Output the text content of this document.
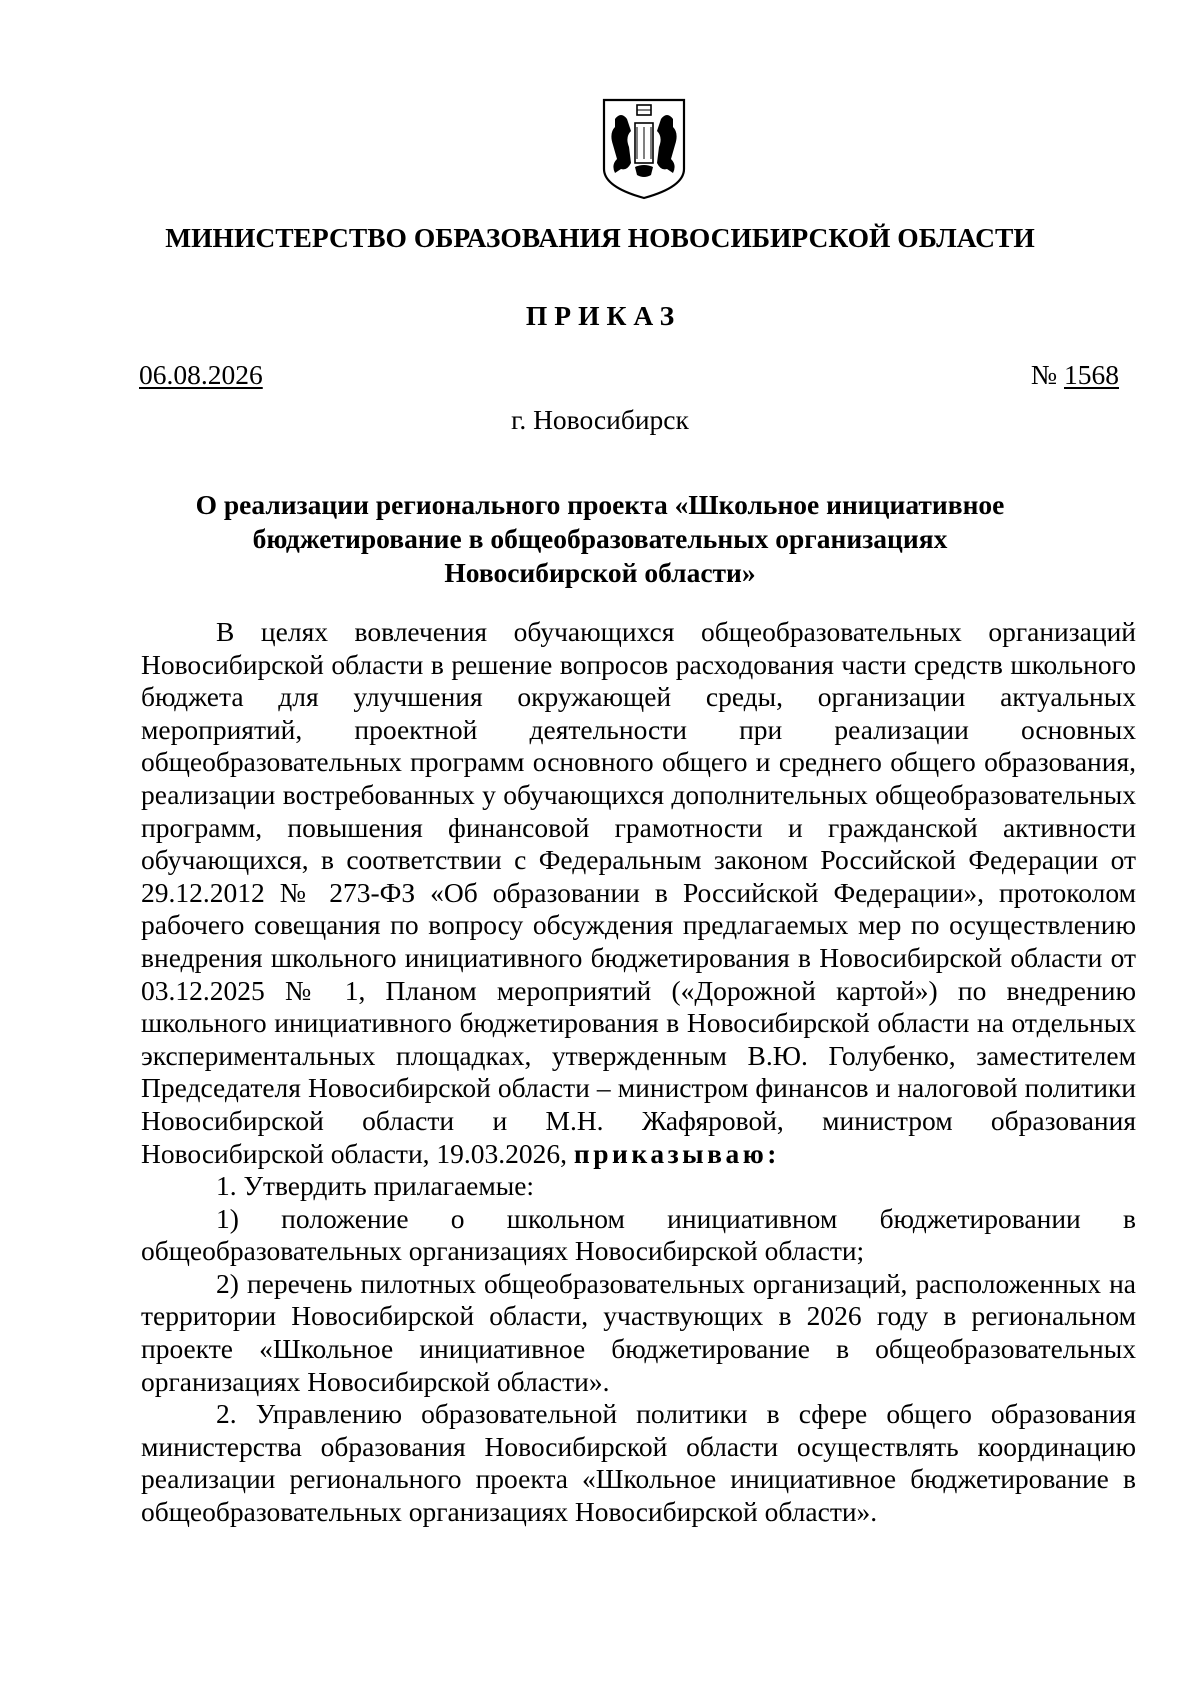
МИНИСТЕРСТВО ОБРАЗОВАНИЯ НОВОСИБИРСКОЙ ОБЛАСТИ
ПРИКАЗ
06.08.2026	№ 1568
г. Новосибирск
О реализации регионального проекта «Школьное инициативное бюджетирование в общеобразовательных организациях Новосибирской области»

В целях вовлечения обучающихся общеобразовательных организаций Новосибирской области в решение вопросов расходования части средств школьного бюджета для улучшения окружающей среды, организации актуальных мероприятий, проектной деятельности при реализации основных общеобразовательных программ основного общего и среднего общего образования, реализации востребованных у обучающихся дополнительных общеобразовательных программ, повышения финансовой грамотности и гражданской активности обучающихся, в соответствии с Федеральным законом Российской Федерации от 29.12.2012 № 273-ФЗ «Об образовании в Российской Федерации», протоколом рабочего совещания по вопросу обсуждения предлагаемых мер по осуществлению внедрения школьного инициативного бюджетирования в Новосибирской области от 03.12.2025 № 1, Планом мероприятий («Дорожной картой») по внедрению школьного инициативного бюджетирования в Новосибирской области на отдельных экспериментальных площадках, утвержденным В.Ю. Голубенко, заместителем Председателя Новосибирской области – министром финансов и налоговой политики Новосибирской области и М.Н. Жафяровой, министром образования Новосибирской области, 19.03.2026, приказываю:

1. Утвердить прилагаемые:

1) положение о школьном инициативном бюджетировании в общеобразовательных организациях Новосибирской области;

2) перечень пилотных общеобразовательных организаций, расположенных на территории Новосибирской области, участвующих в 2026 году в региональном проекте «Школьное инициативное бюджетирование в общеобразовательных организациях Новосибирской области».

2. Управлению образовательной политики в сфере общего образования министерства образования Новосибирской области осуществлять координацию реализации регионального проекта «Школьное инициативное бюджетирование в общеобразовательных организациях Новосибирской области».
